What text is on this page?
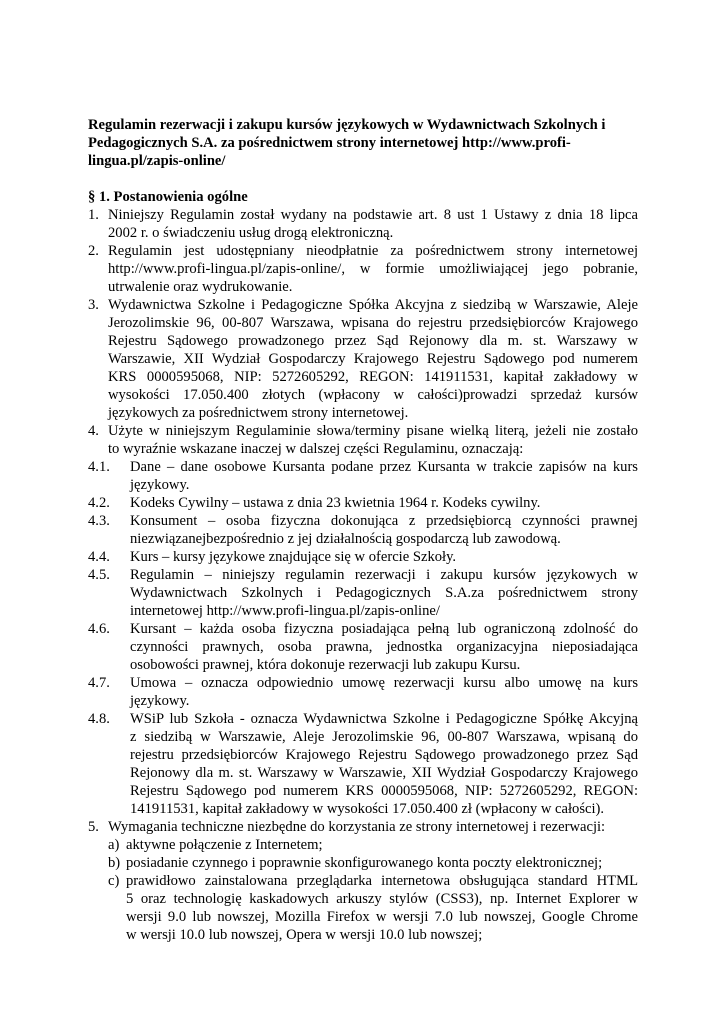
Regulamin rezerwacji i zakupu kursów językowych w Wydawnictwach Szkolnych i
Pedagogicznych S.A. za pośrednictwem strony internetowej http://www.profi-
lingua.pl/zapis-online/
§ 1. Postanowienia ogólne
1. Niniejszy Regulamin został wydany na podstawie art. 8 ust 1 Ustawy z dnia 18 lipca
2002 r. o świadczeniu usług drogą elektroniczną.
2. Regulamin jest udostępniany nieodpłatnie za pośrednictwem strony internetowej
http://www.profi-lingua.pl/zapis-online/, w formie umożliwiającej jego pobranie,
utrwalenie oraz wydrukowanie.
3. Wydawnictwa Szkolne i Pedagogiczne Spółka Akcyjna z siedzibą w Warszawie, Aleje
Jerozolimskie 96, 00-807 Warszawa, wpisana do rejestru przedsiębiorców Krajowego
Rejestru Sądowego prowadzonego przez Sąd Rejonowy dla m. st. Warszawy w
Warszawie, XII Wydział Gospodarczy Krajowego Rejestru Sądowego pod numerem
KRS 0000595068, NIP: 5272605292, REGON: 141911531, kapitał zakładowy w
wysokości 17.050.400 złotych (wpłacony w całości)prowadzi sprzedaż kursów
językowych za pośrednictwem strony internetowej.
4. Użyte w niniejszym Regulaminie słowa/terminy pisane wielką literą, jeżeli nie zostało
to wyraźnie wskazane inaczej w dalszej części Regulaminu, oznaczają:
4.1.	Dane – dane osobowe Kursanta podane przez Kursanta w trakcie zapisów na kurs
językowy.
4.2.	Kodeks Cywilny – ustawa z dnia 23 kwietnia 1964 r. Kodeks cywilny.
4.3.	Konsument – osoba fizyczna dokonująca z przedsiębiorcą czynności prawnej
niezwiązanejbezpośrednio z jej działalnością gospodarczą lub zawodową.
4.4.	Kurs – kursy językowe znajdujące się w ofercie Szkoły.
4.5.	Regulamin – niniejszy regulamin rezerwacji i zakupu kursów językowych w
Wydawnictwach Szkolnych i Pedagogicznych S.A.za pośrednictwem strony
internetowej http://www.profi-lingua.pl/zapis-online/
4.6.	Kursant – każda osoba fizyczna posiadająca pełną lub ograniczoną zdolność do
czynności prawnych, osoba prawna, jednostka organizacyjna nieposiadająca
osobowości prawnej, która dokonuje rezerwacji lub zakupu Kursu.
4.7.	Umowa – oznacza odpowiednio umowę rezerwacji kursu albo umowę na kurs
językowy.
4.8.	WSiP lub Szkoła - oznacza Wydawnictwa Szkolne i Pedagogiczne Spółkę Akcyjną
z siedzibą w Warszawie, Aleje Jerozolimskie 96, 00-807 Warszawa, wpisaną do
rejestru przedsiębiorców Krajowego Rejestru Sądowego prowadzonego przez Sąd
Rejonowy dla m. st. Warszawy w Warszawie, XII Wydział Gospodarczy Krajowego
Rejestru Sądowego pod numerem KRS 0000595068, NIP: 5272605292, REGON:
141911531, kapitał zakładowy w wysokości 17.050.400 zł (wpłacony w całości).
5. Wymagania techniczne niezbędne do korzystania ze strony internetowej i rezerwacji:
a) aktywne połączenie z Internetem;
b) posiadanie czynnego i poprawnie skonfigurowanego konta poczty elektronicznej;
c) prawidłowo zainstalowana przeglądarka internetowa obsługująca standard HTML
5 oraz technologię kaskadowych arkuszy stylów (CSS3), np. Internet Explorer w
wersji 9.0 lub nowszej, Mozilla Firefox w wersji 7.0 lub nowszej, Google Chrome
w wersji 10.0 lub nowszej, Opera w wersji 10.0 lub nowszej;
